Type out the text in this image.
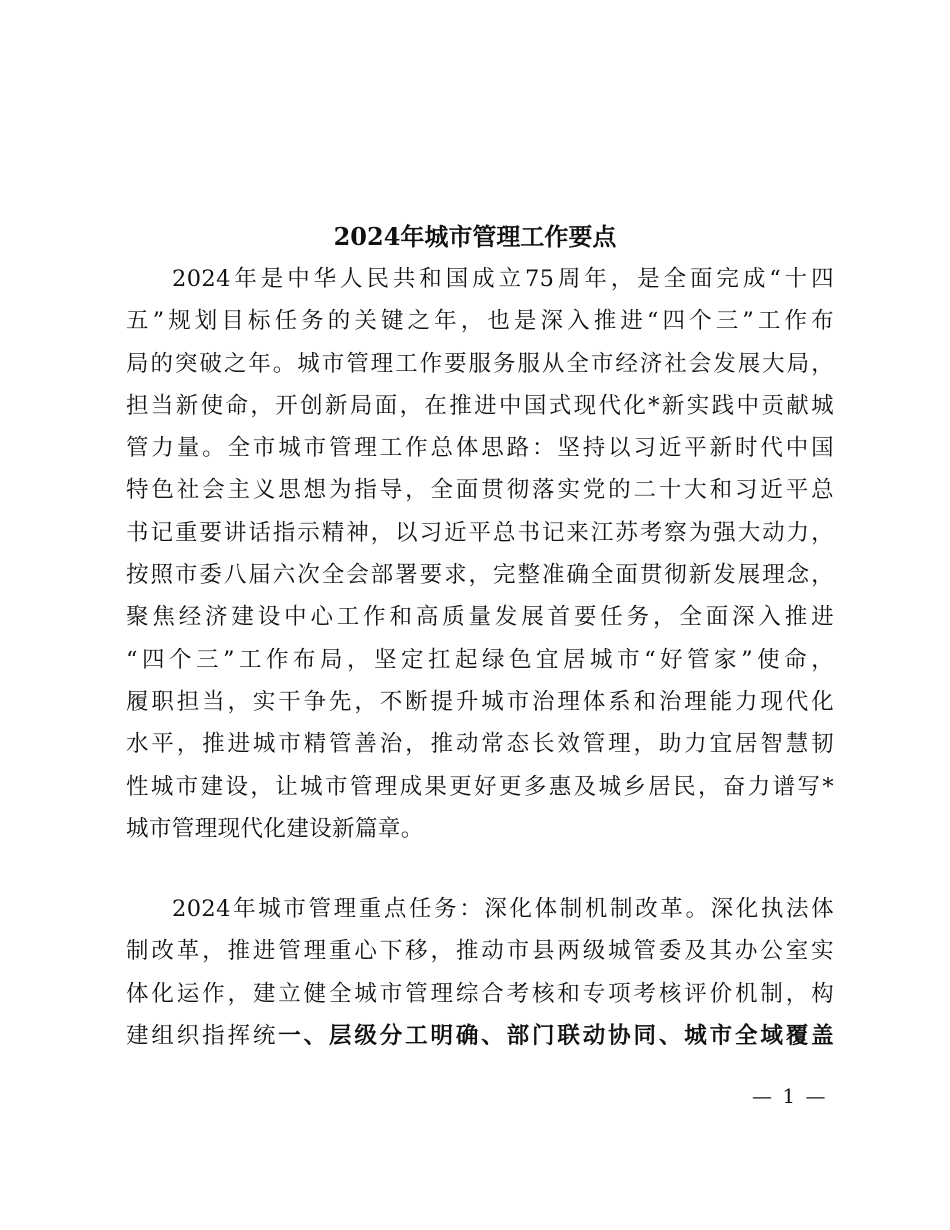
2024年城市管理工作要点
2024年是中华人民共和国成立75周年，是全面完成“十四
五”规划目标任务的关键之年，也是深入推进“四个三”工作布
局的突破之年。城市管理工作要服务服从全市经济社会发展大局，
担当新使命，开创新局面，在推进中国式现代化*新实践中贡献城
管力量。全市城市管理工作总体思路：坚持以习近平新时代中国
特色社会主义思想为指导，全面贯彻落实党的二十大和习近平总
书记重要讲话指示精神，以习近平总书记来江苏考察为强大动力，
按照市委八届六次全会部署要求，完整准确全面贯彻新发展理念，
聚焦经济建设中心工作和高质量发展首要任务，全面深入推进
“四个三”工作布局，坚定扛起绿色宜居城市“好管家”使命，
履职担当，实干争先，不断提升城市治理体系和治理能力现代化
水平，推进城市精管善治，推动常态长效管理，助力宜居智慧韧
性城市建设，让城市管理成果更好更多惠及城乡居民，奋力谱写*
城市管理现代化建设新篇章。
2024年城市管理重点任务：深化体制机制改革。深化执法体
制改革，推进管理重心下移，推动市县两级城管委及其办公室实
体化运作，建立健全城市管理综合考核和专项考核评价机制，构
建组织指挥统一、层级分工明确、部门联动协同、城市全域覆盖
— 1 —
